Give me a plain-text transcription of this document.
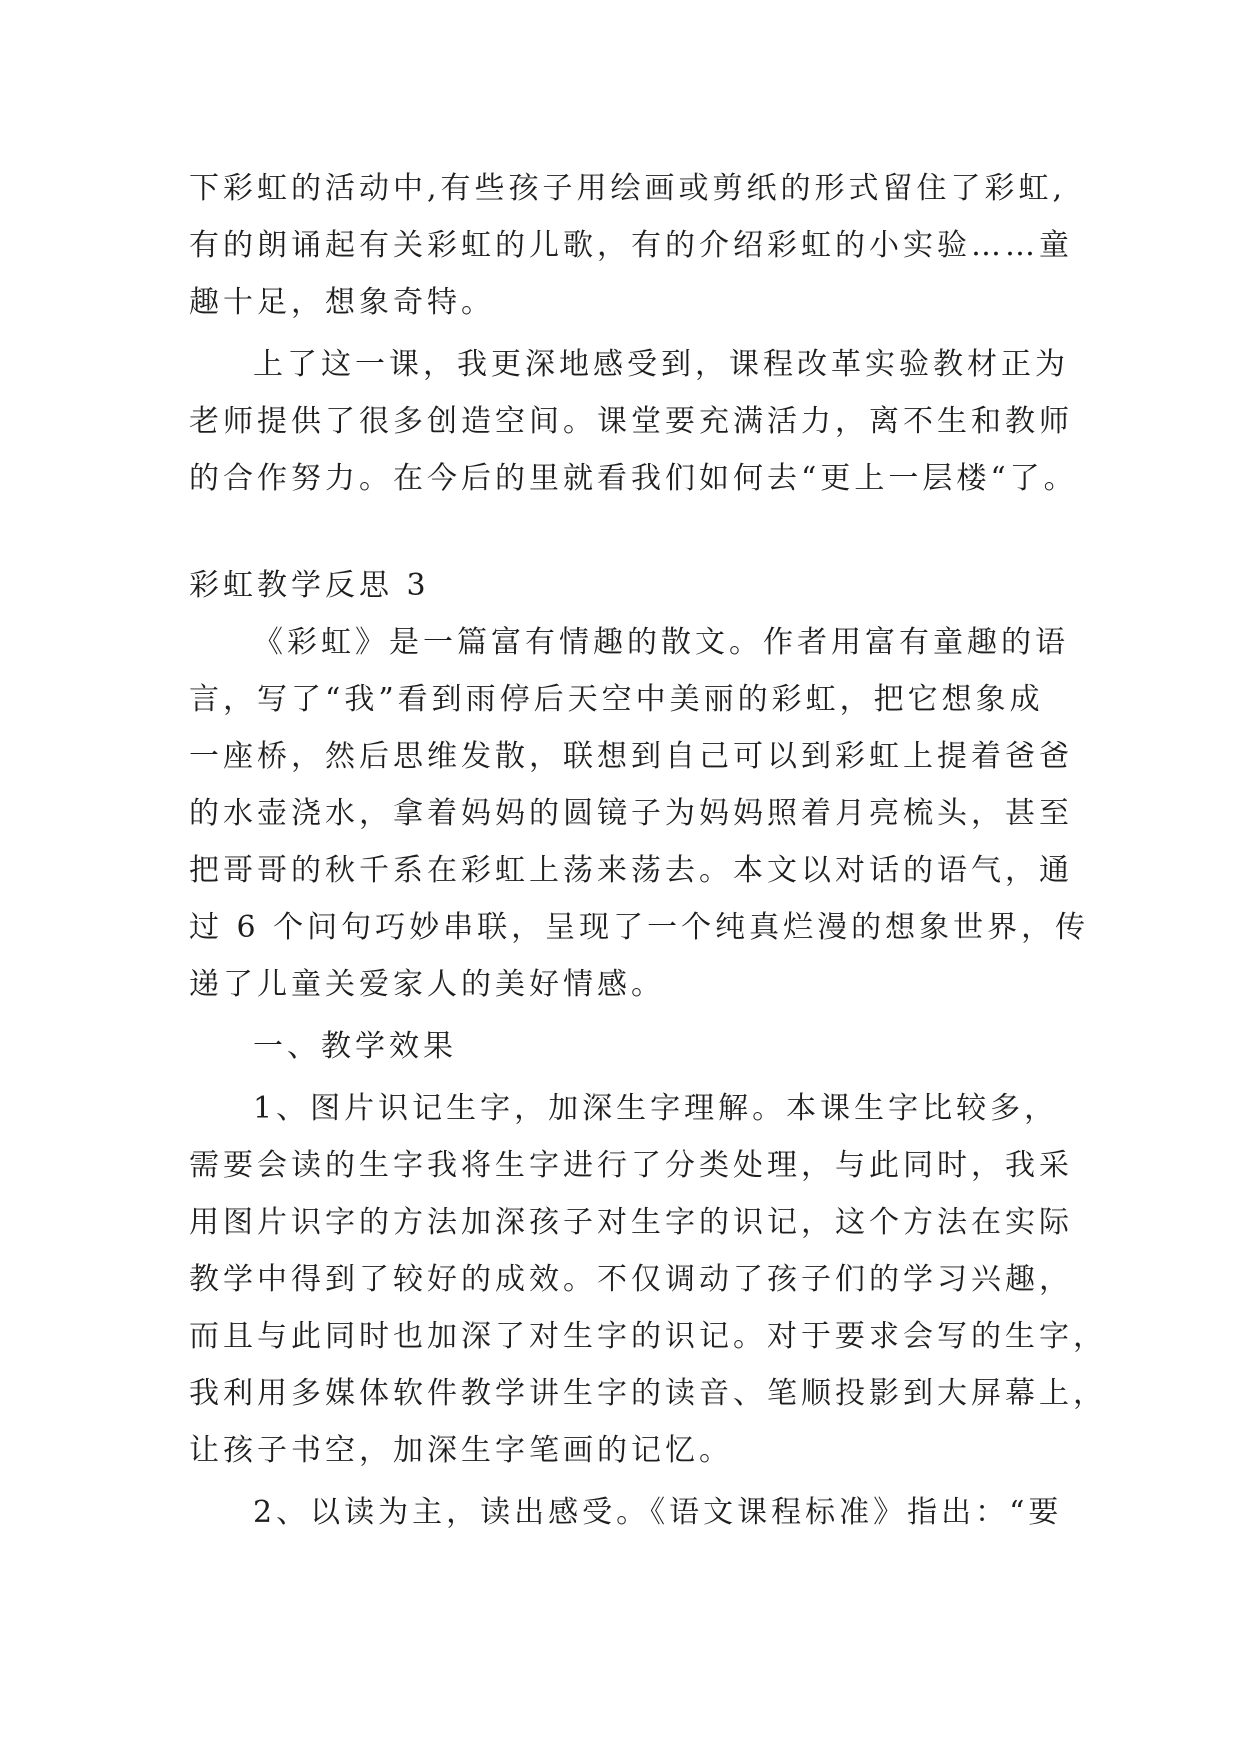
下彩虹的活动中,有些孩子用绘画或剪纸的形式留住了彩虹,
有的朗诵起有关彩虹的儿歌，有的介绍彩虹的小实验……童
趣十足，想象奇特。
上了这一课，我更深地感受到，课程改革实验教材正为
老师提供了很多创造空间。课堂要充满活力，离不生和教师
的合作努力。在今后的里就看我们如何去“更上一层楼“了。
彩虹教学反思 3
《彩虹》是一篇富有情趣的散文。作者用富有童趣的语
言，写了“我”看到雨停后天空中美丽的彩虹，把它想象成
一座桥，然后思维发散，联想到自己可以到彩虹上提着爸爸
的水壶浇水，拿着妈妈的圆镜子为妈妈照着月亮梳头，甚至
把哥哥的秋千系在彩虹上荡来荡去。本文以对话的语气，通
过 6 个问句巧妙串联，呈现了一个纯真烂漫的想象世界，传
递了儿童关爱家人的美好情感。
一、教学效果
1、图片识记生字，加深生字理解。本课生字比较多，
需要会读的生字我将生字进行了分类处理，与此同时，我采
用图片识字的方法加深孩子对生字的识记，这个方法在实际
教学中得到了较好的成效。不仅调动了孩子们的学习兴趣，
而且与此同时也加深了对生字的识记。对于要求会写的生字，
我利用多媒体软件教学讲生字的读音、笔顺投影到大屏幕上，
让孩子书空，加深生字笔画的记忆。
2、以读为主，读出感受。《语文课程标准》指出：“要
